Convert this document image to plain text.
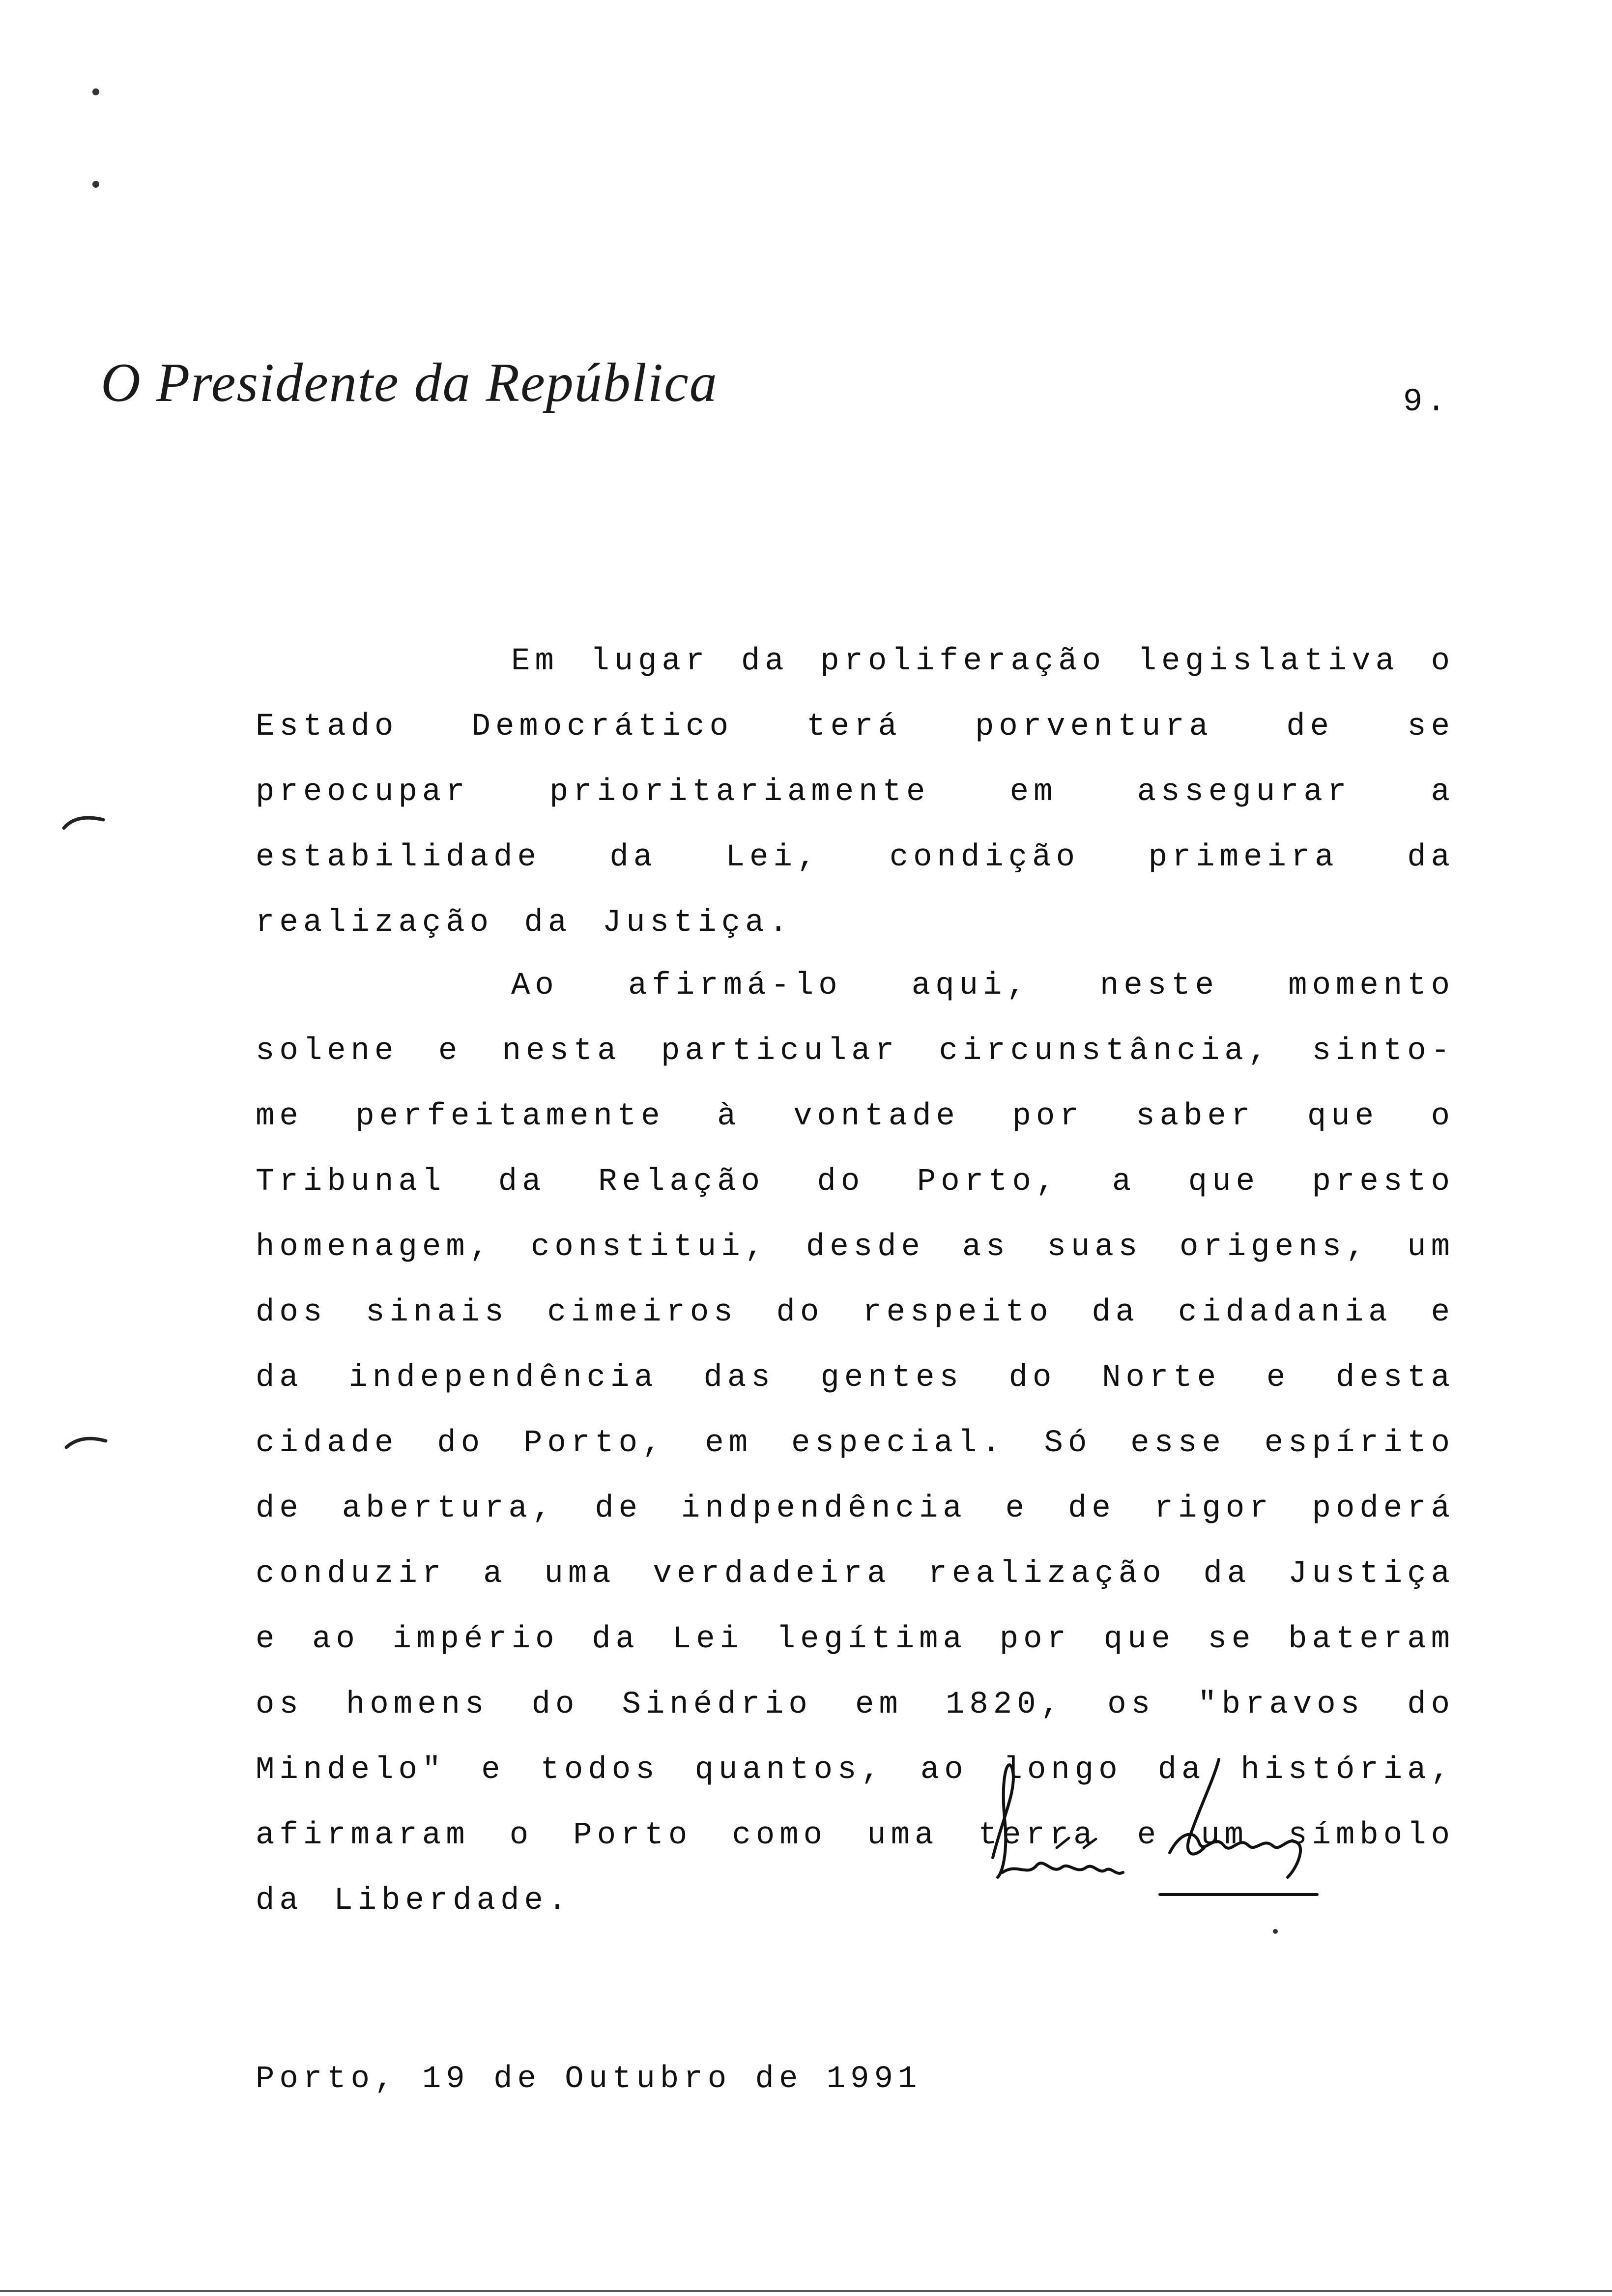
O Presidente da República	9.

Em lugar da proliferação legislativa o Estado Democrático terá porventura de se preocupar prioritariamente em assegurar a estabilidade da Lei, condição primeira da realização da Justiça.

Ao afirmá-lo aqui, neste momento solene e nesta particular circunstância, sinto-me perfeitamente à vontade por saber que o Tribunal da Relação do Porto, a que presto homenagem, constitui, desde as suas origens, um dos sinais cimeiros do respeito da cidadania e da independência das gentes do Norte e desta cidade do Porto, em especial. Só esse espírito de abertura, de indpendência e de rigor poderá conduzir a uma verdadeira realização da Justiça e ao império da Lei legítima por que se bateram os homens do Sinédrio em 1820, os "bravos do Mindelo" e todos quantos, ao longo da história, afirmaram o Porto como uma terra e um símbolo da Liberdade.

Porto, 19 de Outubro de 1991
